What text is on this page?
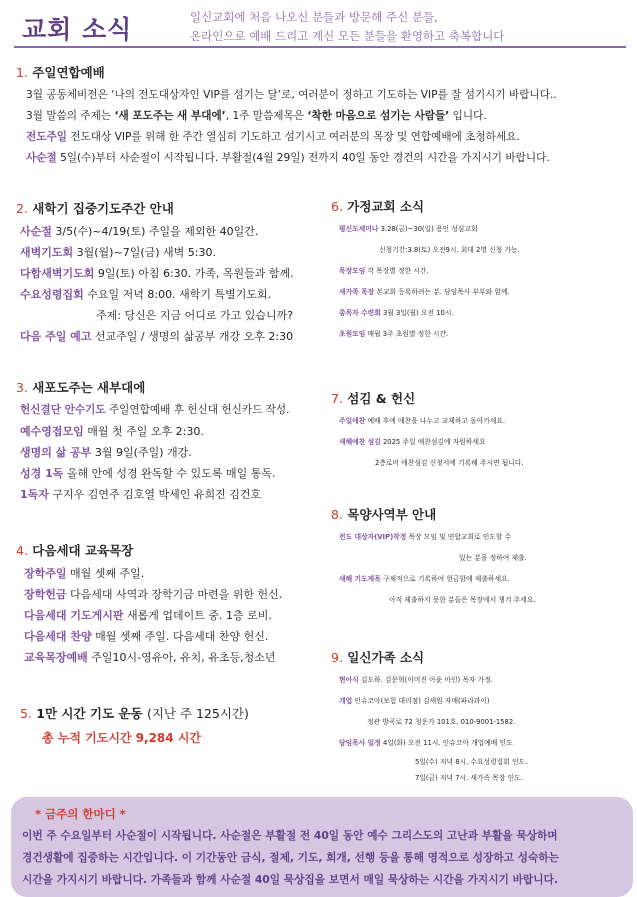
교회 소식	일신교회에 처음 나오신 분들과 방문해 주신 분들,
온라인으로 예배 드리고 계신 모든 분들을 환영하고 축복합니다
1. 주일연합예배
3월 공동체비전은 ‘나의 전도대상자인 VIP를 섬기는 달’로, 여러분이 정하고 기도하는 VIP를 잘 섬기시기 바랍니다..
3월 말씀의 주제는 ‘새 포도주는 새 부대에’, 1주 말씀제목은 ‘착한 마음으로 섬기는 사람들’ 입니다.
전도주일 전도대상 VIP를 위해 한 주간 열심히 기도하고 섬기시고 여러분의 목장 및 연합예배에 초청하세요.
사순절 5일(수)부터 사순절이 시작됩니다. 부활절(4월 29일) 전까지 40일 동안 경건의 시간을 가지시기 바랍니다.
2. 새학기 집중기도주간 안내
사순절 3/5(수)~4/19(토) 주일을 제외한 40일간.
새벽기도회 3월(월)~7일(금) 새벽 5:30.
다함새벽기도회 9일(토) 아침 6:30. 가족, 목원들과 함께.
수요성령집회 수요일 저녁 8:00. 새학기 특별기도회.
주제: 당신은 지금 어디로 가고 있습니까?
다음 주일 예고 선교주일 / 생명의 삶공부 개강 오후 2:30
3. 새포도주는 새부대에
헌신결단 안수기도 주일연합예배 후 헌신대 헌신카드 작성.
예수영접모임 매월 첫 주일 오후 2:30.
생명의 삶 공부 3월 9일(주일) 개강.
성경 1독 올해 안에 성경 완독할 수 있도록 매일 통독.
1독자 구지우 김연주 김호열 박세인 유희진 김건호
4. 다음세대 교육목장
장학주일 매월 셋째 주일.
장학헌금 다음세대 사역과 장학기금 마련을 위한 헌신.
다음세대 기도게시판 새롭게 업데이트 중. 1층 로비.
다음세대 찬양 매월 셋째 주일. 다음세대 찬양 헌신.
교육목장예배 주일10시-영유아, 유치, 유초등,청소년
5. 1만 시간 기도 운동 (지난 주 125시간)
총 누적 기도시간 9,284 시간
6. 가정교회 소식
평신도세미나 3.28(금)~30(일) 용인 성심교회
신청기간:3.8(토) 오전9시. 최대 2명 신청 가능.
목장모임 각 목장별 정한 시간.
새가족 목장 본교회 등록하려는 분. 담임목사 부부와 함께.
총목자 수련회 3월 3일(월) 오전 10시.
초원모임 매월 3주 초원별 정한 시간.
7. 섬김 & 헌신
주일애찬 예배 후에 애찬을 나누고 교제하고 돌아가세요.
새해애찬 섬김 2025 주일 애찬섬김에 자원하세요
2층로비 애찬섬김 신청서에 기록해 주시면 됩니다.
8. 목양사역부 안내
전도 대상자(VIP)작정 목장 모임 및 연합교회로 인도할 수
있는 분을 정하여 제출.
새해 기도제목 구체적으로 기록하여 헌금함에 제출하세요.
아직 제출하지 못한 분들은 목장에서 챙겨 주세요.
9. 일신가족 소식
현아식 김도하. 김문혁(이미진 아윤 아인) 목자 가정.
개업 인슈코아(보험 대리점) 김세원 자매(파라과이)
정관 방곡로 72 청운가 101호. 010-9001-1582.
담임목사 일정 4일(화) 오전 11시. 인슈코아 개업예배 인도
5일(수) 저녁 8시. 수요성령집회 인도.
7일(금) 저녁 7시. 새가족 목장 인도.
* 금주의 한마디 *
이번 주 수요일부터 사순절이 시작됩니다. 사순절은 부활절 전 40일 동안 예수 그리스도의 고난과 부활을 묵상하며
경건생활에 집중하는 시간입니다. 이 기간동안 금식, 절제, 기도, 회개, 선행 등을 통해 영적으로 성장하고 성숙하는
시간을 가지시기 바랍니다. 가족들과 함께 사순절 40일 묵상집을 보면서 매일 묵상하는 시간을 가지시기 바랍니다.
